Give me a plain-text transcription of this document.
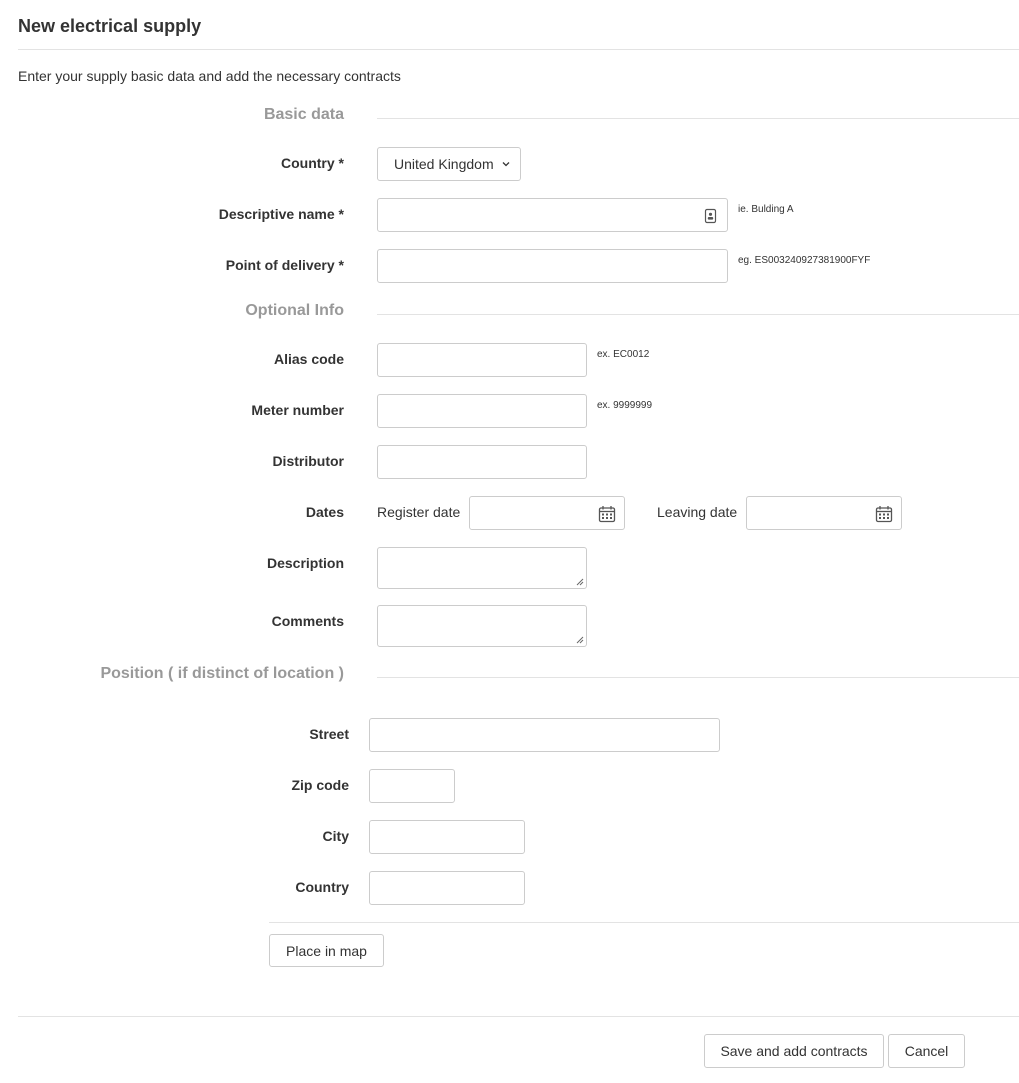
New electrical supply
Enter your supply basic data and add the necessary contracts
Basic data
Country *	United Kingdom
Descriptive name *	ie. Bulding A
Point of delivery *	eg. ES003240927381900FYF
Optional Info
Alias code	ex. EC0012
Meter number	ex. 9999999
Distributor
Dates Register date	Leaving date
Description
Comments
Position ( if distinct of location )
Street
Zip code
City
Country
Place in map
Save and add contracts	Cancel
